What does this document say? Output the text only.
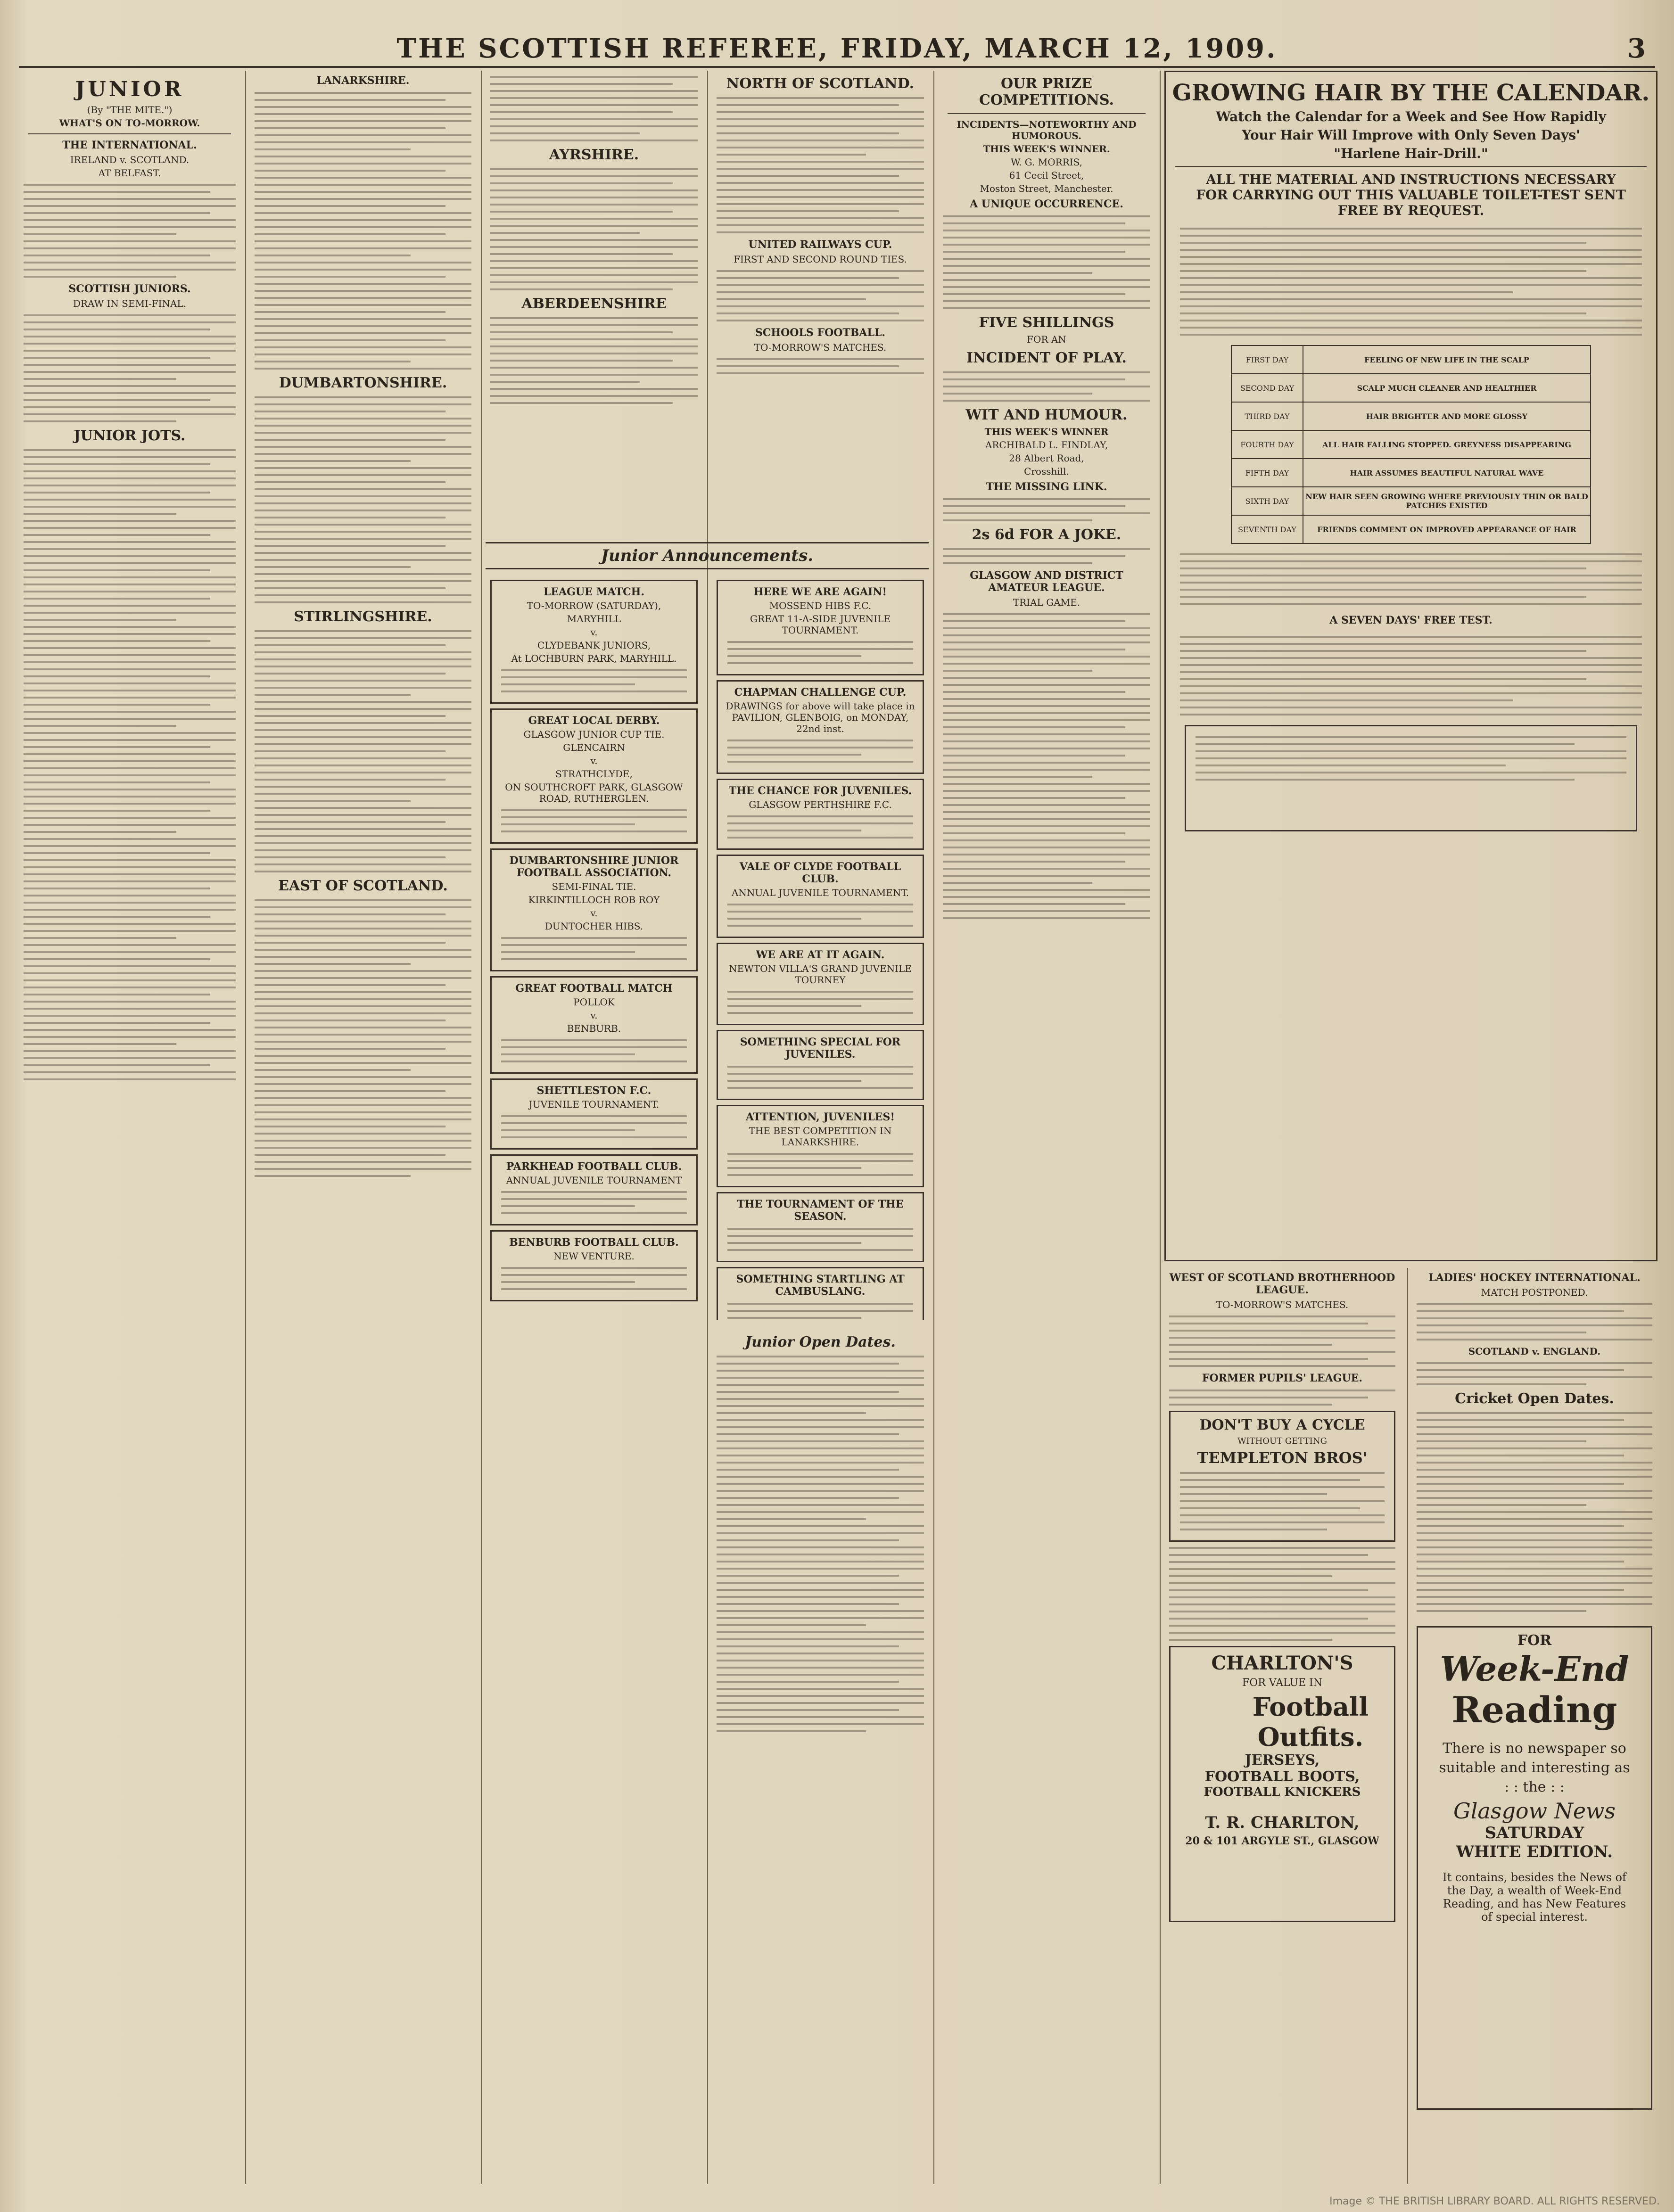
THE SCOTTISH REFEREE, FRIDAY, MARCH 12, 1909.	3
JUNIOR
(By "THE MITE.")
WHAT'S ON TO-MORROW.
THE INTERNATIONAL.
IRELAND v. SCOTLAND.
AT BELFAST.
SCOTTISH JUNIORS.
DRAW IN SEMI-FINAL.
JUNIOR JOTS.
LANARKSHIRE.
DUMBARTONSHIRE.
STIRLINGSHIRE.
EAST OF SCOTLAND.
AYRSHIRE.
ABERDEENSHIRE
NORTH OF SCOTLAND.
UNITED RAILWAYS CUP.
FIRST AND SECOND ROUND TIES.
SCHOOLS FOOTBALL.
TO-MORROW'S MATCHES.
Junior Announcements.
LEAGUE MATCH.
TO-MORROW (SATURDAY),
MARYHILL
v.
CLYDEBANK JUNIORS,
At LOCHBURN PARK, MARYHILL.
GREAT LOCAL DERBY.
GLASGOW JUNIOR CUP TIE.
GLENCAIRN
v.
STRATHCLYDE,
ON SOUTHCROFT PARK, GLASGOW ROAD, RUTHERGLEN.
DUMBARTONSHIRE JUNIOR FOOTBALL ASSOCIATION.
SEMI-FINAL TIE.
KIRKINTILLOCH ROB ROY
v.
DUNTOCHER HIBS.
GREAT FOOTBALL MATCH
POLLOK
v.
BENBURB.
SHETTLESTON F.C.
JUVENILE TOURNAMENT.
PARKHEAD FOOTBALL CLUB.
ANNUAL JUVENILE TOURNAMENT
BENBURB FOOTBALL CLUB.
NEW VENTURE.
HERE WE ARE AGAIN!
MOSSEND HIBS F.C.
GREAT 11-A-SIDE JUVENILE TOURNAMENT.
CHAPMAN CHALLENGE CUP.
DRAWINGS for above will take place in PAVILION, GLENBOIG, on MONDAY, 22nd inst.
THE CHANCE FOR JUVENILES.
GLASGOW PERTHSHIRE F.C.
VALE OF CLYDE FOOTBALL CLUB.
ANNUAL JUVENILE TOURNAMENT.
WE ARE AT IT AGAIN.
NEWTON VILLA'S GRAND JUVENILE TOURNEY
SOMETHING SPECIAL FOR JUVENILES.
ATTENTION, JUVENILES!
THE BEST COMPETITION IN LANARKSHIRE.
THE TOURNAMENT OF THE SEASON.
SOMETHING STARTLING AT CAMBUSLANG.
OUR PRIZE COMPETITIONS.
INCIDENTS—NOTEWORTHY AND HUMOROUS.
THIS WEEK'S WINNER.
W. G. MORRIS,
61 Cecil Street,
Moston Street, Manchester.
A UNIQUE OCCURRENCE.
FIVE SHILLINGS
FOR AN
INCIDENT OF PLAY.
WIT AND HUMOUR.
THIS WEEK'S WINNER
ARCHIBALD L. FINDLAY,
28 Albert Road,
Crosshill.
THE MISSING LINK.
2s 6d FOR A JOKE.
GLASGOW AND DISTRICT AMATEUR LEAGUE.
TRIAL GAME.
Junior Open Dates.
GROWING HAIR BY THE CALENDAR.
Watch the Calendar for a Week and See How Rapidly
Your Hair Will Improve with Only Seven Days'
"Harlene Hair-Drill."
ALL THE MATERIAL AND INSTRUCTIONS NECESSARY FOR CARRYING OUT THIS VALUABLE TOILET-TEST SENT FREE BY REQUEST.
FIRST DAY	FEELING OF NEW LIFE IN THE SCALP
SECOND DAY	SCALP MUCH CLEANER AND HEALTHIER
THIRD DAY	HAIR BRIGHTER AND MORE GLOSSY
FOURTH DAY	ALL HAIR FALLING STOPPED. GREYNESS DISAPPEARING
FIFTH DAY	HAIR ASSUMES BEAUTIFUL NATURAL WAVE
SIXTH DAY	NEW HAIR SEEN GROWING WHERE PREVIOUSLY THIN OR BALD PATCHES EXISTED
SEVENTH DAY	FRIENDS COMMENT ON IMPROVED APPEARANCE OF HAIR
A SEVEN DAYS' FREE TEST.
WEST OF SCOTLAND BROTHERHOOD LEAGUE.
TO-MORROW'S MATCHES.
FORMER PUPILS' LEAGUE.
DON'T BUY A CYCLE
WITHOUT GETTING
TEMPLETON BROS'
CHARLTON'S
FOR VALUE IN
Football
Outfits.
JERSEYS,
FOOTBALL BOOTS,
FOOTBALL KNICKERS
T. R. CHARLTON,
20 & 101 ARGYLE ST., GLASGOW
LADIES' HOCKEY INTERNATIONAL.
MATCH POSTPONED.
SCOTLAND v. ENGLAND.
Cricket Open Dates.
FOR
Week-End
Reading
There is no newspaper so
suitable and interesting as
: : the : :
Glasgow News
SATURDAY
WHITE EDITION.
It contains, besides the News of the Day, a wealth of Week-End Reading, and has New Features of special interest.
Image © THE BRITISH LIBRARY BOARD. ALL RIGHTS RESERVED.
